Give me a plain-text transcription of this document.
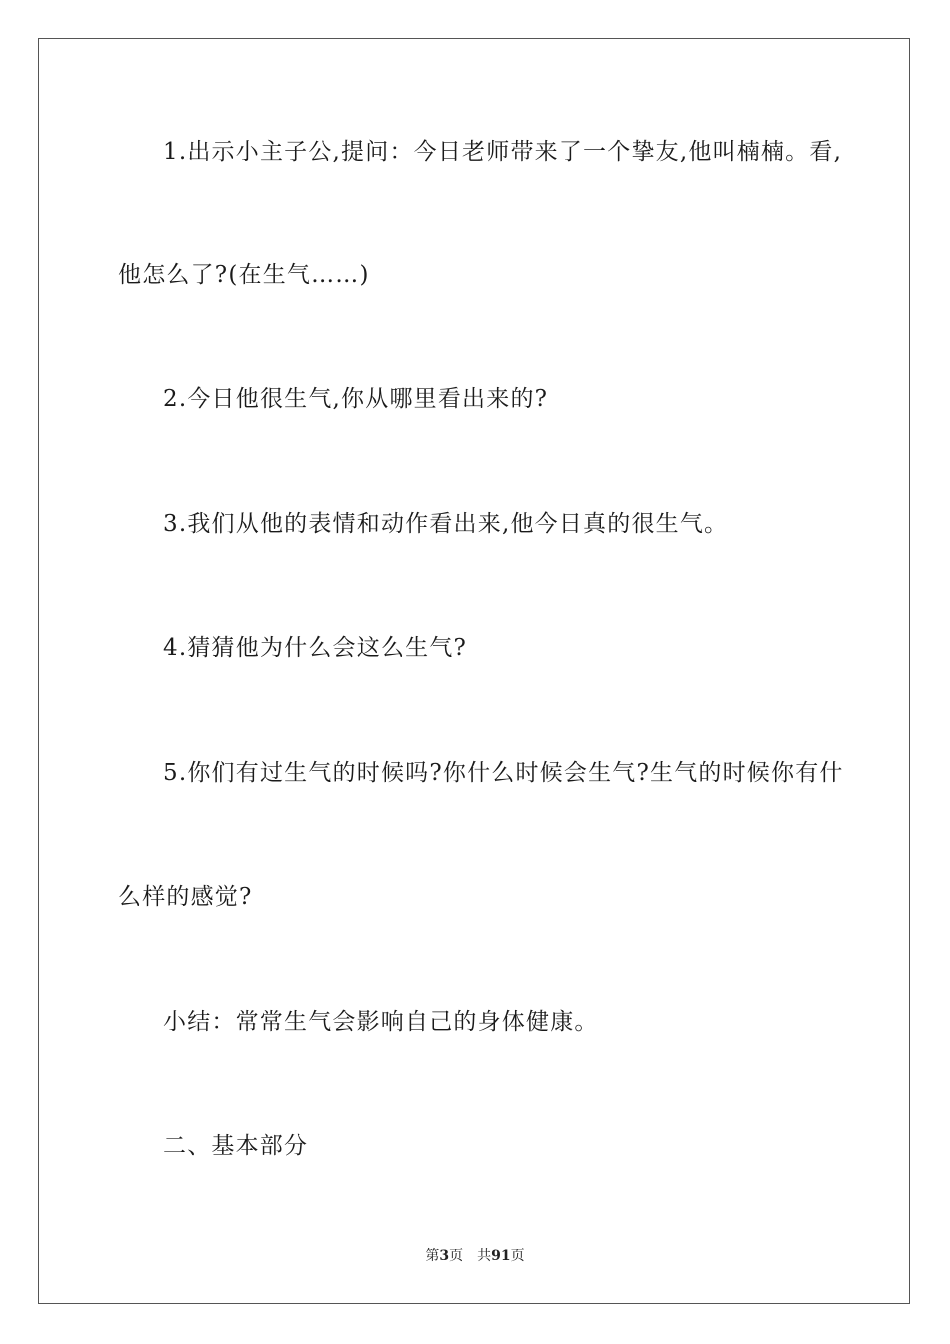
1.出示小主子公,提问：今日老师带来了一个挚友,他叫楠楠。看,
他怎么了?(在生气……)
2.今日他很生气,你从哪里看出来的?
3.我们从他的表情和动作看出来,他今日真的很生气。
4.猜猜他为什么会这么生气?
5.你们有过生气的时候吗?你什么时候会生气?生气的时候你有什
么样的感觉?
小结：常常生气会影响自己的身体健康。
二、基本部分
第3页 共91页
